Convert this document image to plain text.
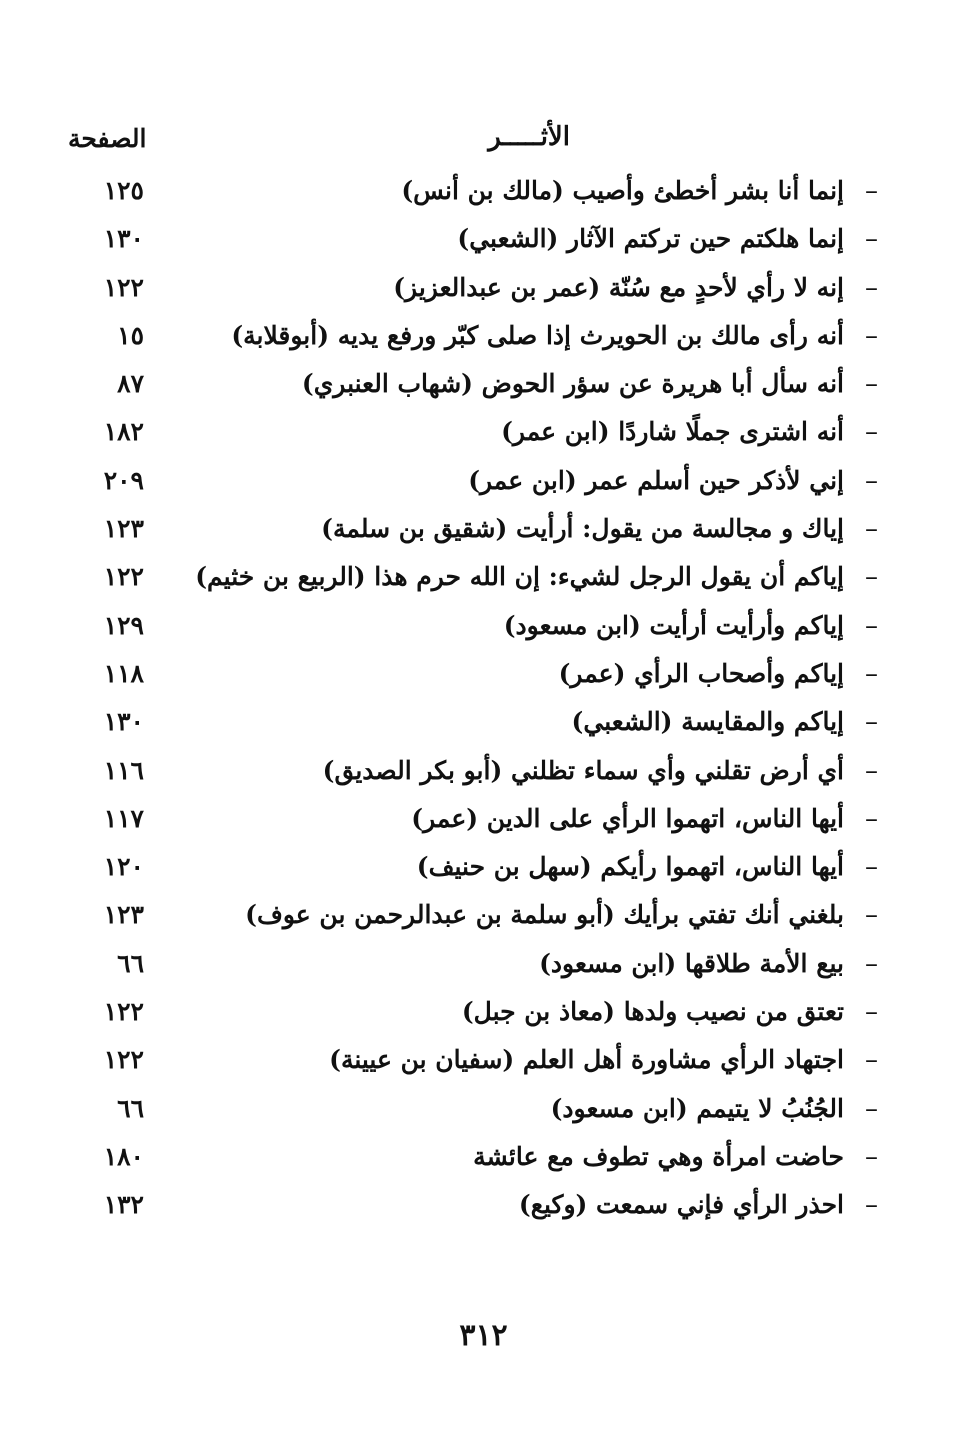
الأثـــــر
الصفحة
–
إنما أنا بشر أخطئ وأصيب (مالك بن أنس)
١٢٥
–
إنما هلكتم حين تركتم الآثار (الشعبي)
١٣٠
–
إنه لا رأي لأحدٍ مع سُنّة (عمر بن عبدالعزيز)
١٢٢
–
أنه رأى مالك بن الحويرث إذا صلى كبّر ورفع يديه (أبوقلابة)
١٥
–
أنه سأل أبا هريرة عن سؤر الحوض (شهاب العنبري)
٨٧
–
أنه اشترى جملًا شاردًا (ابن عمر)
١٨٢
–
إني لأذكر حين أسلم عمر (ابن عمر)
٢٠٩
–
إياك و مجالسة من يقول: أرأيت (شقيق بن سلمة)
١٢٣
–
إياكم أن يقول الرجل لشيء: إن الله حرم هذا (الربيع بن خثيم)
١٢٢
–
إياكم وأرأيت أرأيت (ابن مسعود)
١٢٩
–
إياكم وأصحاب الرأي (عمر)
١١٨
–
إياكم والمقايسة (الشعبي)
١٣٠
–
أي أرض تقلني وأي سماء تظلني (أبو بكر الصديق)
١١٦
–
أيها الناس، اتهموا الرأي على الدين (عمر)
١١٧
–
أيها الناس، اتهموا رأيكم (سهل بن حنيف)
١٢٠
–
بلغني أنك تفتي برأيك (أبو سلمة بن عبدالرحمن بن عوف)
١٢٣
–
بيع الأمة طلاقها (ابن مسعود)
٦٦
–
تعتق من نصيب ولدها (معاذ بن جبل)
١٢٢
–
اجتهاد الرأي مشاورة أهل العلم (سفيان بن عيينة)
١٢٢
–
الجُنُبُ لا يتيمم (ابن مسعود)
٦٦
–
حاضت امرأة وهي تطوف مع عائشة
١٨٠
–
احذر الرأي فإني سمعت (وكيع)
١٣٢
٣١٢
